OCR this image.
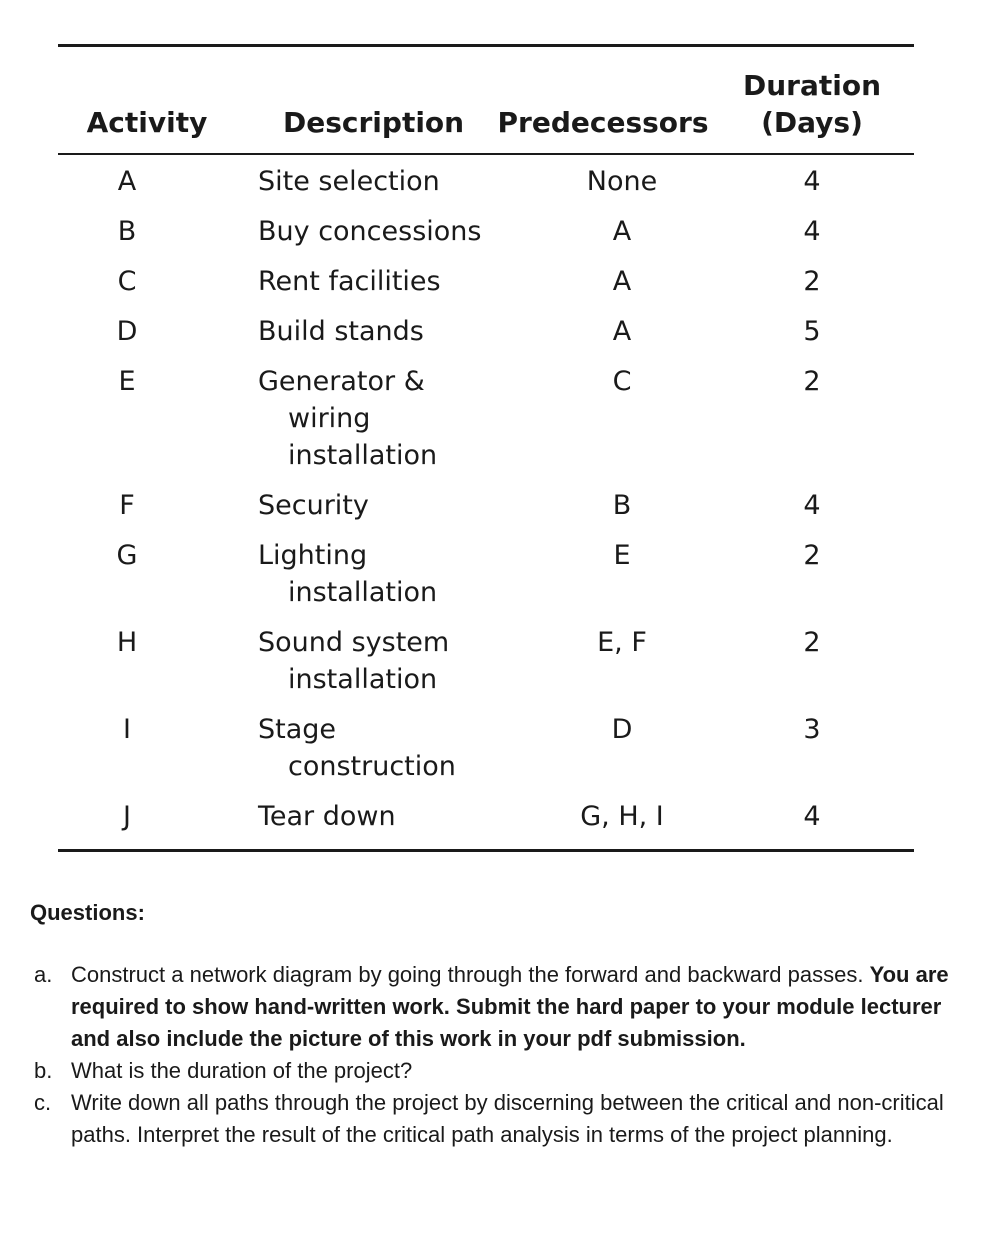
Activity	Description	Predecessors	Duration
(Days)

A	Site selection	None	4
B	Buy concessions	A	4
C	Rent facilities	A	2
D	Build stands	A	5
E	Generator &
wiring
installation	C	2
F	Security	B	4
G	Lighting
installation	E	2
H	Sound system
installation	E, F	2
I	Stage
construction	D	3
J	Tear down	G, H, I	4

Questions:

a. Construct a network diagram by going through the forward and backward passes. You are required to show hand-written work. Submit the hard paper to your module lecturer and also include the picture of this work in your pdf submission.
b. What is the duration of the project?
c. Write down all paths through the project by discerning between the critical and non-critical paths. Interpret the result of the critical path analysis in terms of the project planning.
